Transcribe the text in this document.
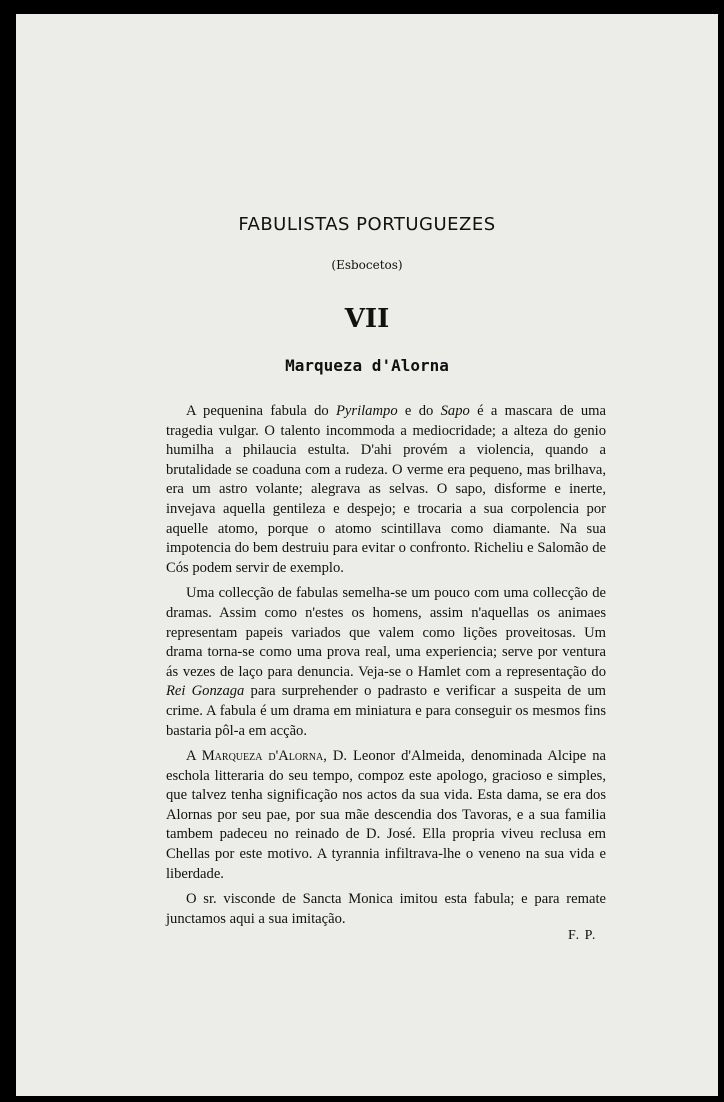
FABULISTAS PORTUGUEZES
(Esbocetos)
VII
Marqueza d'Alorna

A pequenina fabula do Pyrilampo e do Sapo é a mascara de uma tragedia vulgar. O talento incommoda a mediocridade; a alteza do genio humilha a philaucia estulta. D'ahi provém a violencia, quando a brutalidade se coaduna com a rudeza. O verme era pequeno, mas brilhava, era um astro volante; alegrava as selvas. O sapo, disforme e inerte, invejava aquella gentileza e despejo; e trocaria a sua corpolencia por aquelle atomo, porque o atomo scintillava como diamante. Na sua impotencia do bem destruiu para evitar o confronto. Richeliu e Salomão de Cós podem servir de exemplo.

Uma collecção de fabulas semelha-se um pouco com uma collecção de dramas. Assim como n'estes os homens, assim n'aquellas os animaes representam papeis variados que valem como lições proveitosas. Um drama torna-se como uma prova real, uma experiencia; serve por ventura ás vezes de laço para denuncia. Veja-se o Hamlet com a representação do Rei Gonzaga para surprehender o padrasto e verificar a suspeita de um crime. A fabula é um drama em miniatura e para conseguir os mesmos fins bastaria pôl-a em acção.

A Marqueza d'Alorna, D. Leonor d'Almeida, denominada Alcipe na eschola litteraria do seu tempo, compoz este apologo, gracioso e simples, que talvez tenha significação nos actos da sua vida. Esta dama, se era dos Alornas por seu pae, por sua mãe descendia dos Tavoras, e a sua familia tambem padeceu no reinado de D. José. Ella propria viveu reclusa em Chellas por este motivo. A tyrannia infiltrava-lhe o veneno na sua vida e liberdade.

O sr. visconde de Sancta Monica imitou esta fabula; e para remate junctamos aqui a sua imitação.

F. P.
